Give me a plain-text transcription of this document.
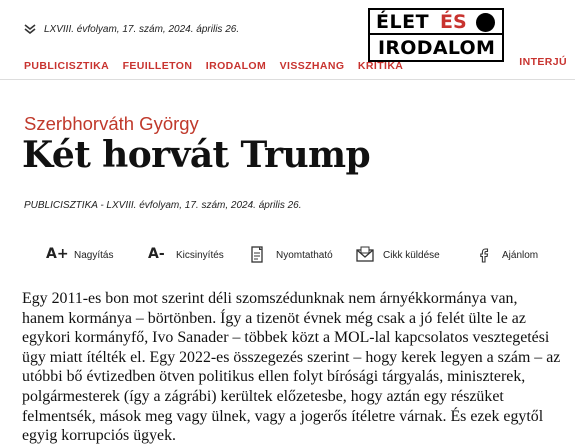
LXVIII. évfolyam, 17. szám, 2024. április 26.	ÉLET ÉS
IRODALOM
PUBLICISZTIKA FEUILLETON IRODALOM VISSZHANG KRITIKA	INTERJÚ
Szerbhorváth György
Két horvát Trump
PUBLICISZTIKA - LXVIII. évfolyam, 17. szám, 2024. április 26.
A+ Nagyítás A- Kicsinyítés	Nyomtatható	Cikk küldése	Ajánlom

Egy 2011-es bon mot szerint déli szomszédunknak nem árnyékkormánya van, hanem kormánya – börtönben. Így a tizenöt évnek még csak a jó felét ülte le az egykori kormányfő, Ivo Sanader – többek közt a MOL-lal kapcsolatos vesztegetési ügy miatt ítélték el. Egy 2022-es összegezés szerint – hogy kerek legyen a szám – az utóbbi bő évtizedben ötven politikus ellen folyt bírósági tárgyalás, miniszterek, polgármesterek (így a zágrábi) kerültek előzetesbe, hogy aztán egy részüket felmentsék, mások meg vagy ülnek, vagy a jogerős ítéletre várnak. És ezek egytől egyig korrupciós ügyek.
